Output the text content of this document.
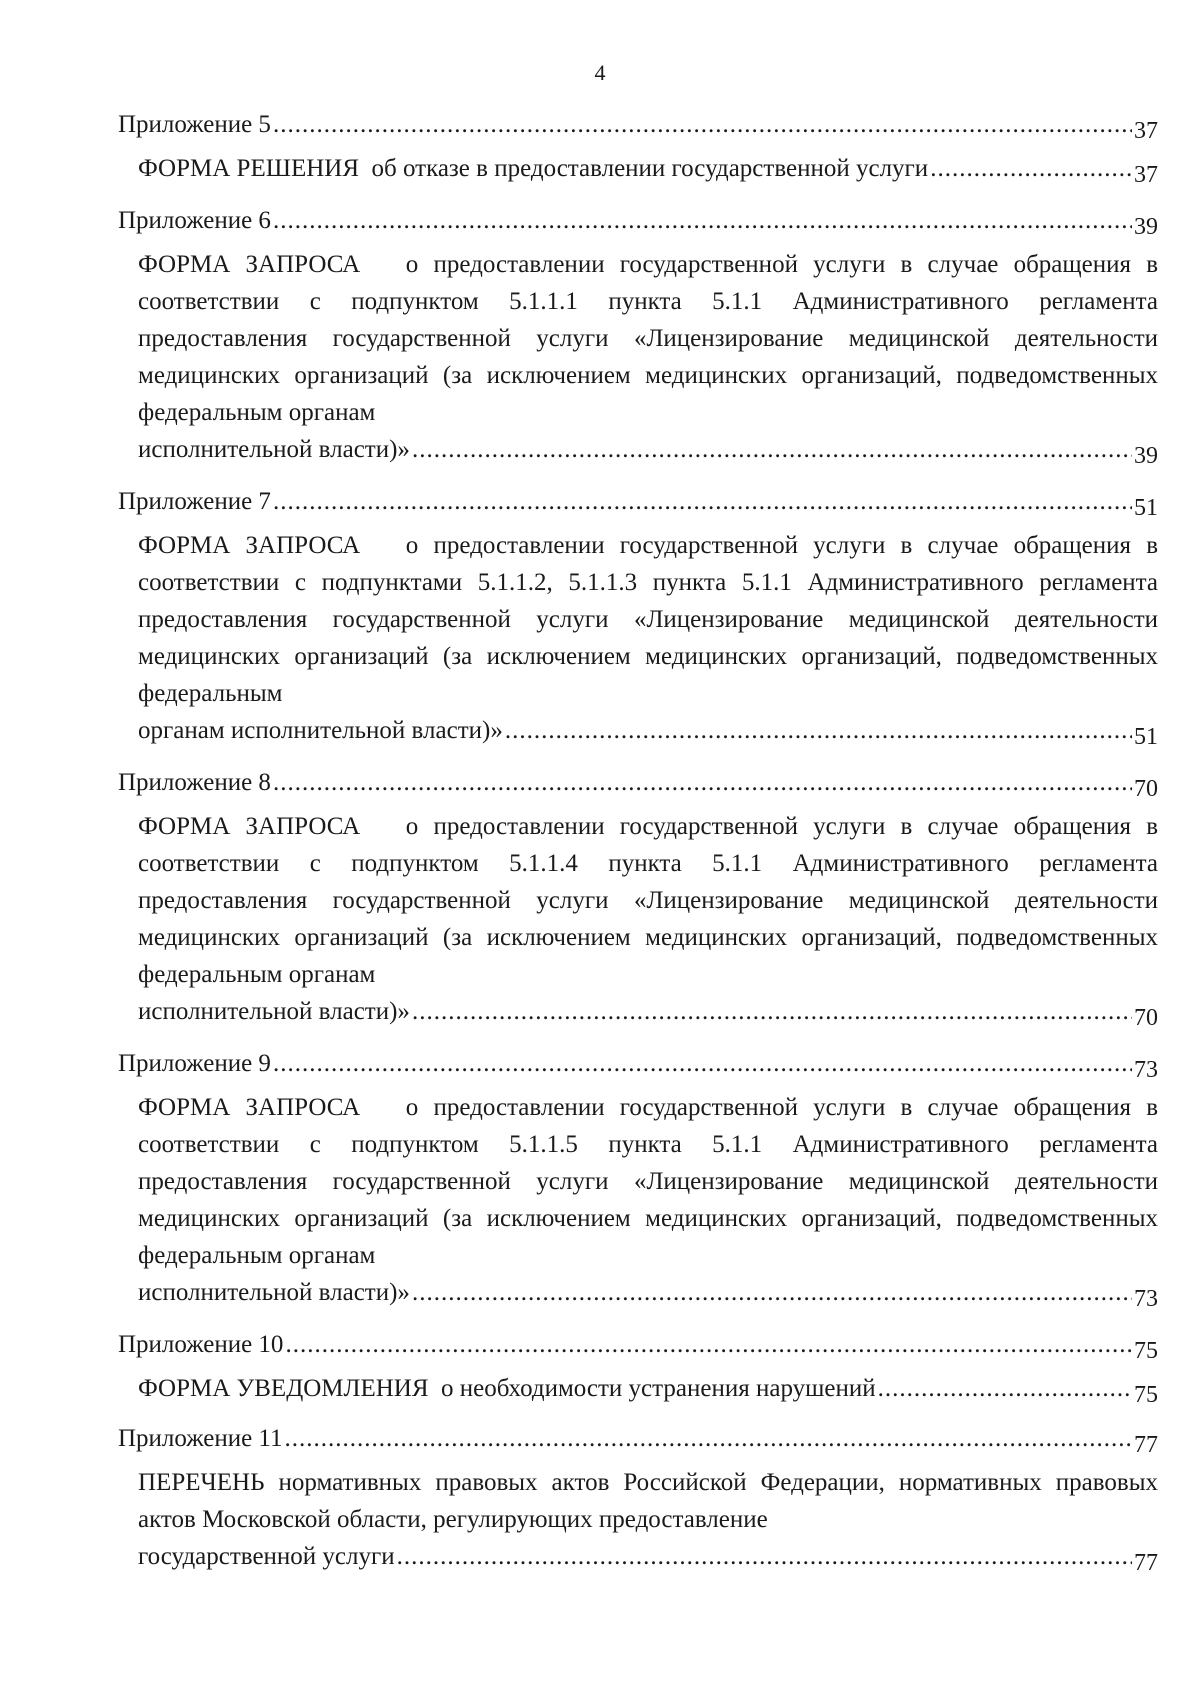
4
Приложение 5 .....	37
ФОРМА РЕШЕНИЯ об отказе в предоставлении государственной услуги .....	37
Приложение 6 .....	39
ФОРМА ЗАПРОСА о предоставлении государственной услуги в случае обращения в соответствии с подпунктом 5.1.1.1 пункта 5.1.1 Административного регламента предоставления государственной услуги «Лицензирование медицинской деятельности медицинских организаций (за исключением медицинских организаций, подведомственных федеральным органам
исполнительной власти)» .....	39
Приложение 7 .....	51
ФОРМА ЗАПРОСА о предоставлении государственной услуги в случае обращения в соответствии с подпунктами 5.1.1.2, 5.1.1.3 пункта 5.1.1 Административного регламента предоставления государственной услуги «Лицензирование медицинской деятельности медицинских организаций (за исключением медицинских организаций, подведомственных федеральным
органам исполнительной власти)» .....	51
Приложение 8 .....	70
ФОРМА ЗАПРОСА о предоставлении государственной услуги в случае обращения в соответствии с подпунктом 5.1.1.4 пункта 5.1.1 Административного регламента предоставления государственной услуги «Лицензирование медицинской деятельности медицинских организаций (за исключением медицинских организаций, подведомственных федеральным органам
исполнительной власти)» .....	70
Приложение 9 .....	73
ФОРМА ЗАПРОСА о предоставлении государственной услуги в случае обращения в соответствии с подпунктом 5.1.1.5 пункта 5.1.1 Административного регламента предоставления государственной услуги «Лицензирование медицинской деятельности медицинских организаций (за исключением медицинских организаций, подведомственных федеральным органам
исполнительной власти)» .....	73
Приложение 10 .....	75
ФОРМА УВЕДОМЛЕНИЯ о необходимости устранения нарушений .....	75
Приложение 11 .....	77
ПЕРЕЧЕНЬ нормативных правовых актов Российской Федерации, нормативных правовых актов Московской области, регулирующих предоставление
государственной услуги .....	77
